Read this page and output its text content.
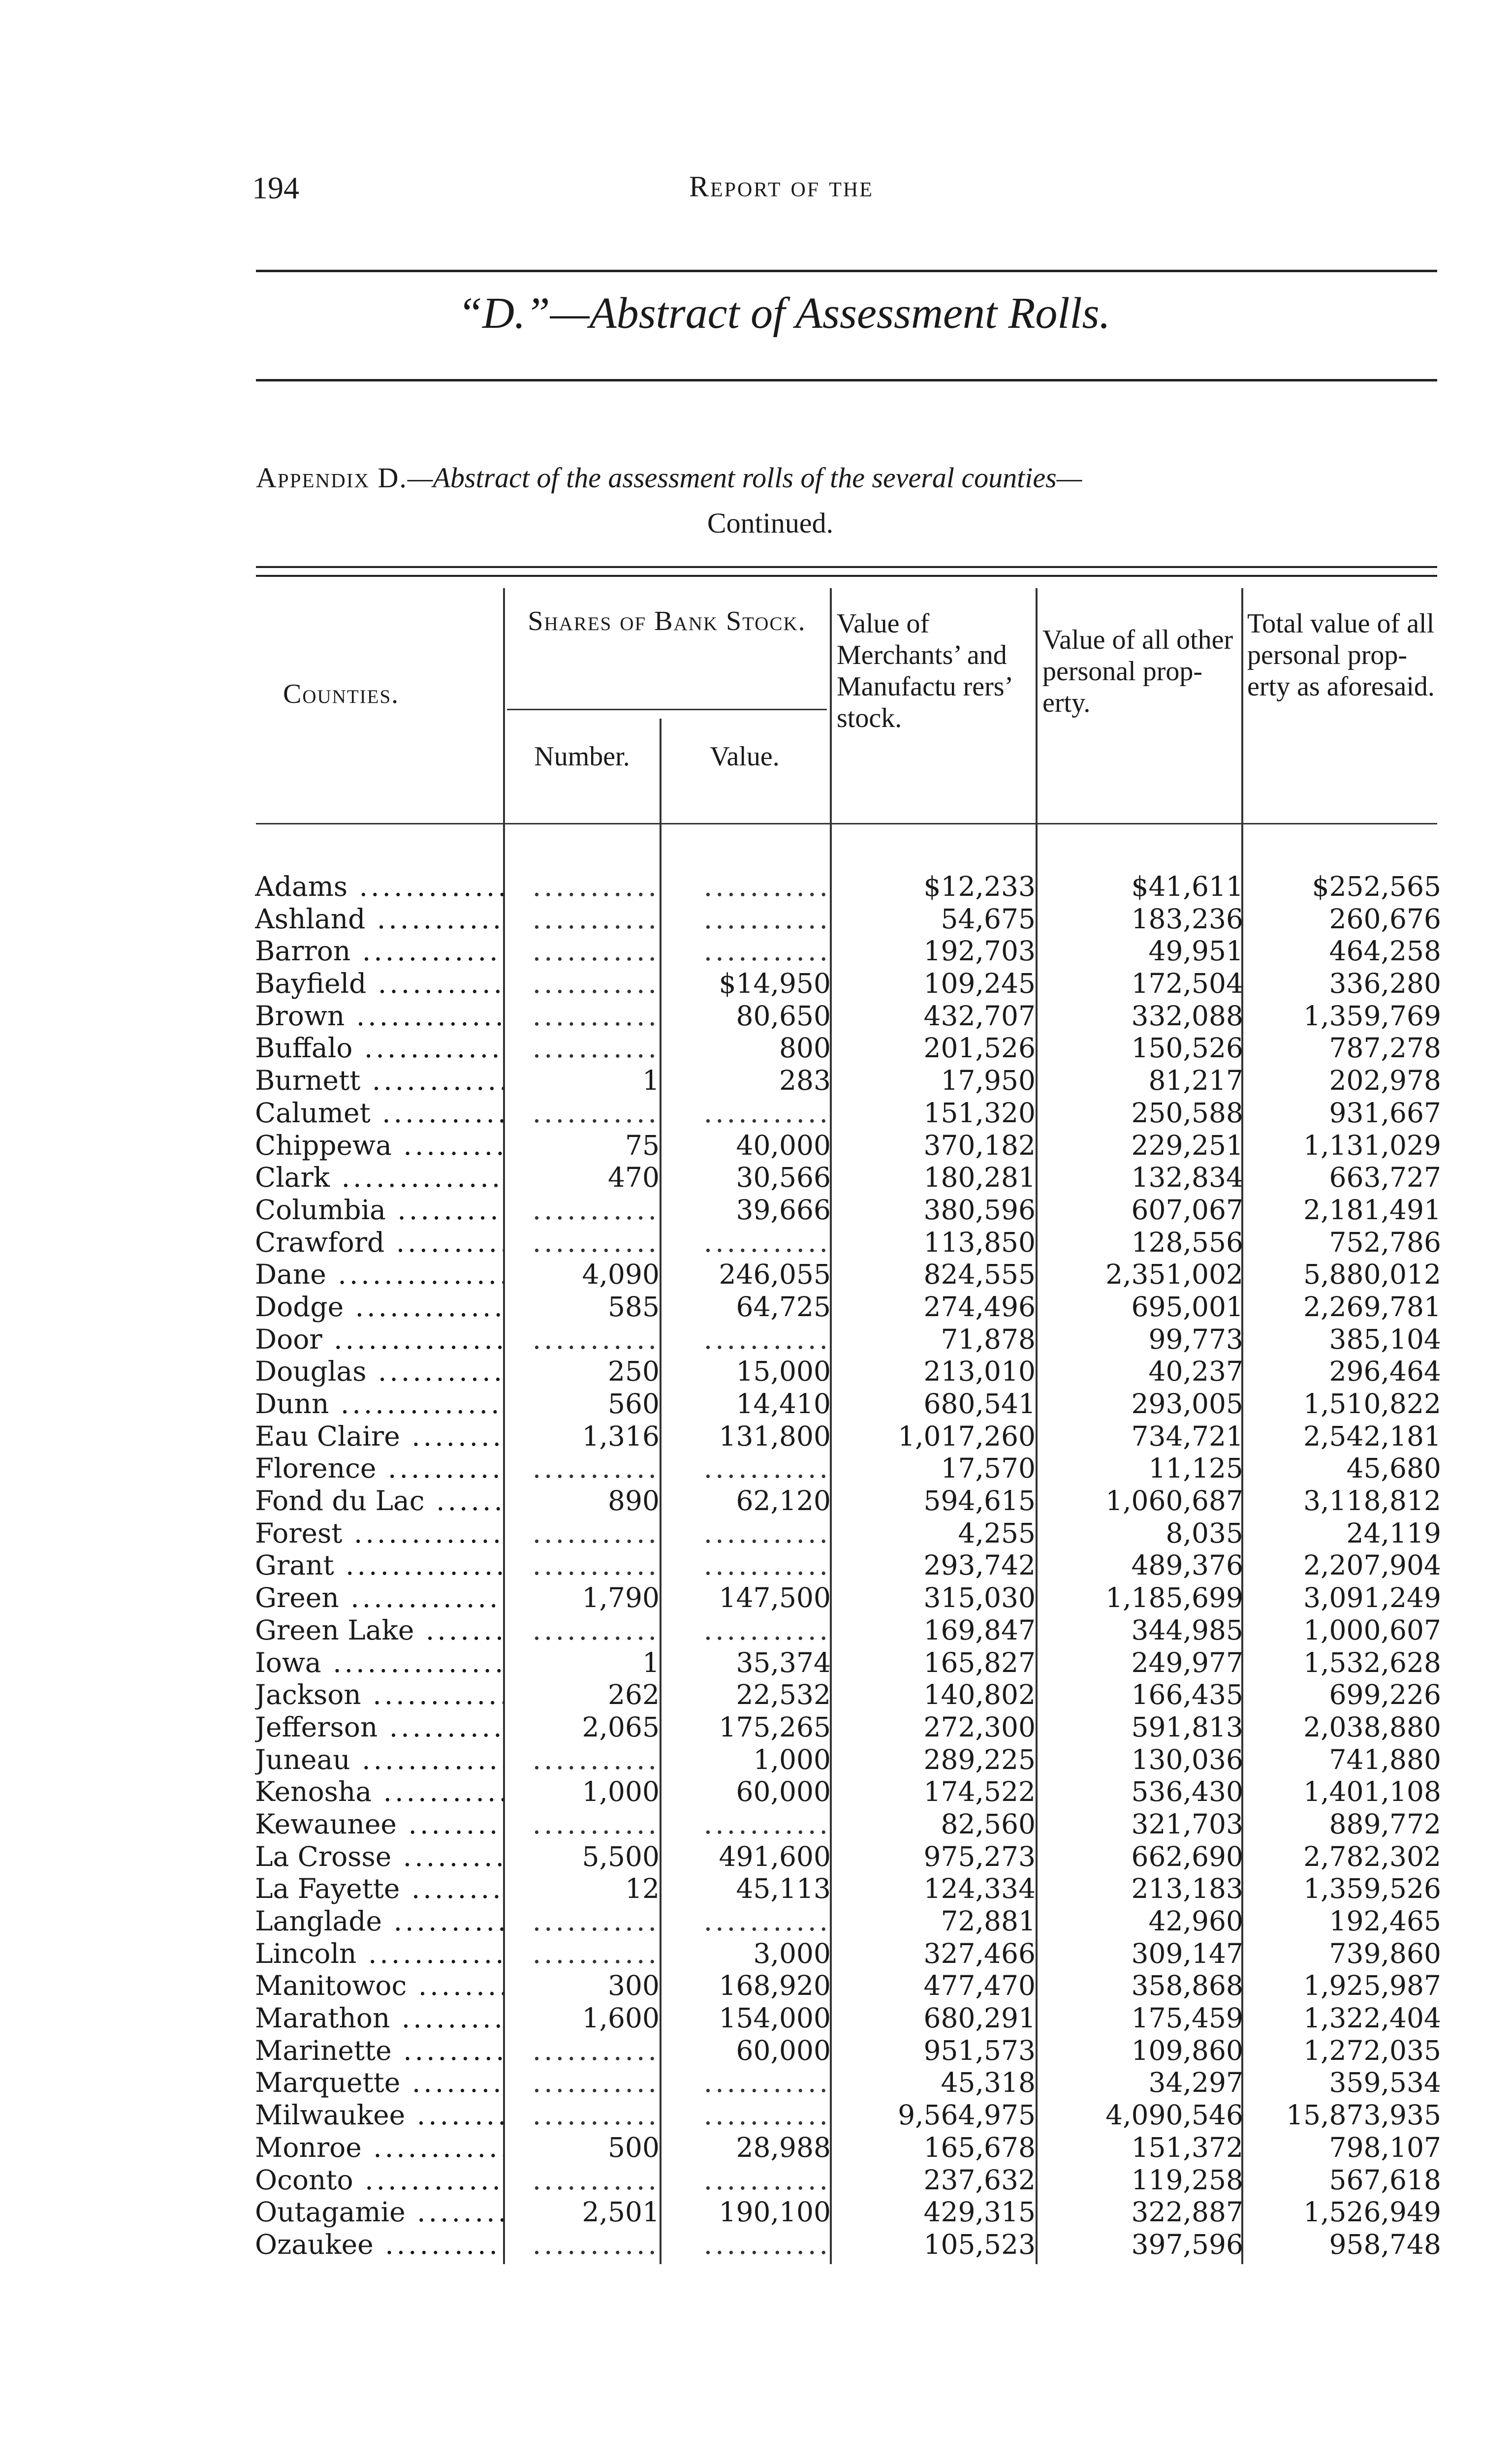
194	Report of the
“D.”—Abstract of Assessment Rolls.
Appendix D.—Abstract of the assessment rolls of the several counties—
Continued.
Counties.
Shares of Bank Stock.
Number.	Value.
Value of Merchants’ and Manufactu rers’ stock.
Value of all other personal property.
Total value of all personal property as aforesaid.
Adams .....	...........	...........	$12,233	$41,611	$252,565
Ashland .....	...........	...........	54,675	183,236	260,676
Barron .....	...........	...........	192,703	49,951	464,258
Bayfield .....	...........	$14,950	109,245	172,504	336,280
Brown .....	...........	80,650	432,707	332,088	1,359,769
Buffalo .....	...........	800	201,526	150,526	787,278
Burnett .....	1	283	17,950	81,217	202,978
Calumet .....	...........	...........	151,320	250,588	931,667
Chippewa .....	75	40,000	370,182	229,251	1,131,029
Clark .....	470	30,566	180,281	132,834	663,727
Columbia .....	...........	39,666	380,596	607,067	2,181,491
Crawford .....	...........	...........	113,850	128,556	752,786
Dane .....	4,090	246,055	824,555	2,351,002	5,880,012
Dodge .....	585	64,725	274,496	695,001	2,269,781
Door .....	...........	...........	71,878	99,773	385,104
Douglas .....	250	15,000	213,010	40,237	296,464
Dunn .....	560	14,410	680,541	293,005	1,510,822
Eau Claire .....	1,316	131,800	1,017,260	734,721	2,542,181
Florence .....	...........	...........	17,570	11,125	45,680
Fond du Lac .....	890	62,120	594,615	1,060,687	3,118,812
Forest .....	...........	...........	4,255	8,035	24,119
Grant .....	...........	...........	293,742	489,376	2,207,904
Green .....	1,790	147,500	315,030	1,185,699	3,091,249
Green Lake .....	...........	...........	169,847	344,985	1,000,607
Iowa .....	1	35,374	165,827	249,977	1,532,628
Jackson .....	262	22,532	140,802	166,435	699,226
Jefferson .....	2,065	175,265	272,300	591,813	2,038,880
Juneau .....	...........	1,000	289,225	130,036	741,880
Kenosha .....	1,000	60,000	174,522	536,430	1,401,108
Kewaunee .....	...........	...........	82,560	321,703	889,772
La Crosse .....	5,500	491,600	975,273	662,690	2,782,302
La Fayette .....	12	45,113	124,334	213,183	1,359,526
Langlade .....	...........	...........	72,881	42,960	192,465
Lincoln .....	...........	3,000	327,466	309,147	739,860
Manitowoc .....	300	168,920	477,470	358,868	1,925,987
Marathon .....	1,600	154,000	680,291	175,459	1,322,404
Marinette .....	...........	60,000	951,573	109,860	1,272,035
Marquette .....	...........	...........	45,318	34,297	359,534
Milwaukee .....	...........	...........	9,564,975	4,090,546	15,873,935
Monroe .....	500	28,988	165,678	151,372	798,107
Oconto .....	...........	...........	237,632	119,258	567,618
Outagamie .....	2,501	190,100	429,315	322,887	1,526,949
Ozaukee .....	...........	...........	105,523	397,596	958,748
